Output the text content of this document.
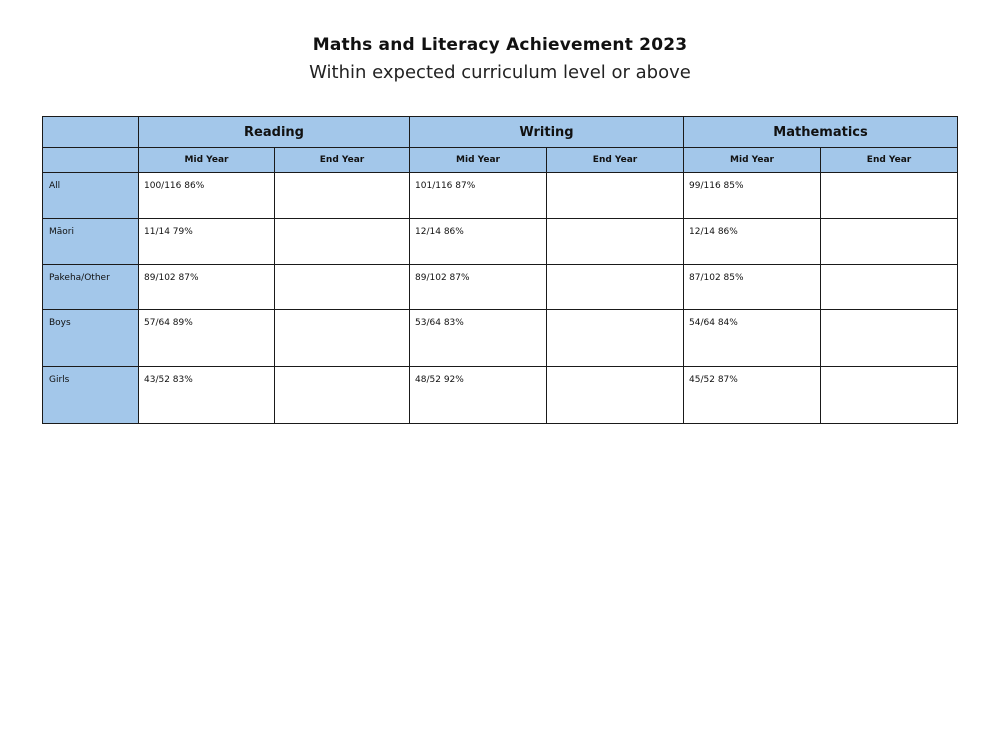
Maths and Literacy Achievement 2023
Within expected curriculum level or above
	Reading		Writing		Mathematics	
	Mid Year	End Year	Mid Year	End Year	Mid Year	End Year
All	100/116 86%		101/116 87%		99/116 85%	
Māori	11/14 79%		12/14 86%		12/14 86%	
Pakeha/Other	89/102 87%		89/102 87%		87/102 85%	
Boys	57/64 89%		53/64 83%		54/64 84%	
Girls	43/52 83%		48/52 92%		45/52 87%	
